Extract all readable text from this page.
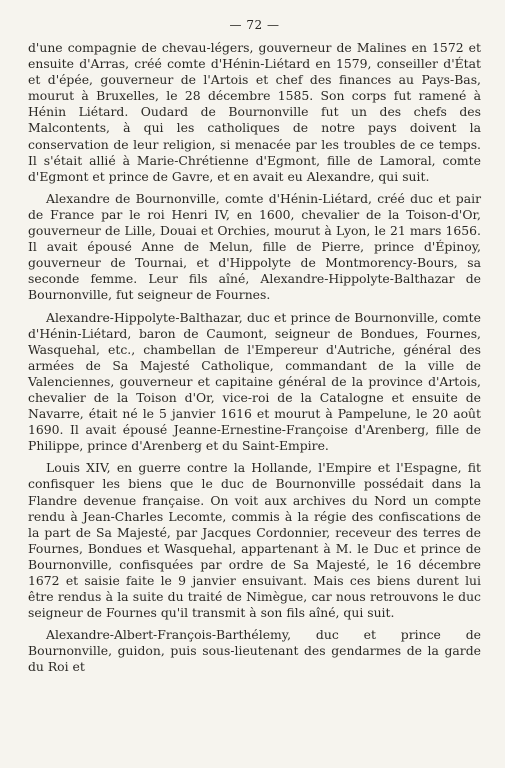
— 72 —

d'une compagnie de chevau-légers, gouverneur de Malines en 1572 et ensuite d'Arras, créé comte d'Hénin-Liétard en 1579, conseiller d'État et d'épée, gouverneur de l'Artois et chef des finances au Pays-Bas, mourut à Bruxelles, le 28 décembre 1585. Son corps fut ramené à Hénin Liétard. Oudard de Bournonville fut un des chefs des Malcontents, à qui les catholiques de notre pays doivent la conservation de leur religion, si menacée par les troubles de ce temps. Il s'était allié à Marie-Chrétienne d'Egmont, fille de Lamoral, comte d'Egmont et prince de Gavre, et en avait eu Alexandre, qui suit.

Alexandre de Bournonville, comte d'Hénin-Liétard, créé duc et pair de France par le roi Henri IV, en 1600, chevalier de la Toison-d'Or, gouverneur de Lille, Douai et Orchies, mourut à Lyon, le 21 mars 1656. Il avait épousé Anne de Melun, fille de Pierre, prince d'Épinoy, gouverneur de Tournai, et d'Hippolyte de Montmorency-Bours, sa seconde femme. Leur fils aîné, Alexandre-Hippolyte-Balthazar de Bournonville, fut seigneur de Fournes.

Alexandre-Hippolyte-Balthazar, duc et prince de Bournonville, comte d'Hénin-Liétard, baron de Caumont, seigneur de Bondues, Fournes, Wasquehal, etc., chambellan de l'Empereur d'Autriche, général des armées de Sa Majesté Catholique, commandant de la ville de Valenciennes, gouverneur et capitaine général de la province d'Artois, chevalier de la Toison d'Or, vice-roi de la Catalogne et ensuite de Navarre, était né le 5 janvier 1616 et mourut à Pampelune, le 20 août 1690. Il avait épousé Jeanne-Ernestine-Françoise d'Arenberg, fille de Philippe, prince d'Arenberg et du Saint-Empire.

Louis XIV, en guerre contre la Hollande, l'Empire et l'Espagne, fit confisquer les biens que le duc de Bournonville possédait dans la Flandre devenue française. On voit aux archives du Nord un compte rendu à Jean-Charles Lecomte, commis à la régie des confiscations de la part de Sa Majesté, par Jacques Cordonnier, receveur des terres de Fournes, Bondues et Wasquehal, appartenant à M. le Duc et prince de Bournonville, confisquées par ordre de Sa Majesté, le 16 décembre 1672 et saisie faite le 9 janvier ensuivant. Mais ces biens durent lui être rendus à la suite du traité de Nimègue, car nous retrouvons le duc seigneur de Fournes qu'il transmit à son fils aîné, qui suit.

Alexandre-Albert-François-Barthélemy, duc et prince de Bournonville, guidon, puis sous-lieutenant des gendarmes de la garde du Roi et
